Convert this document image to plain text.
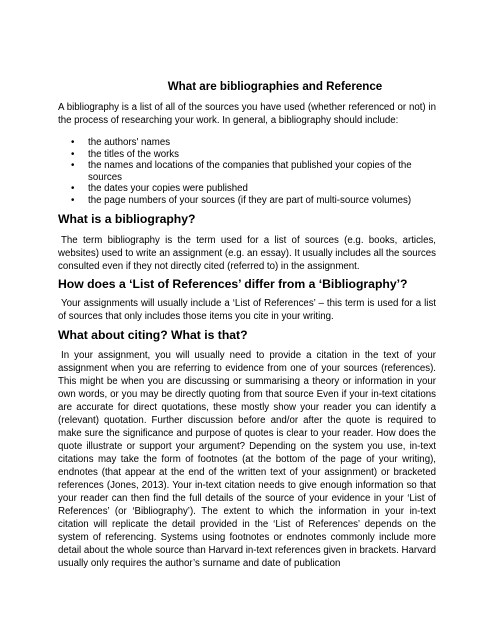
What are bibliographies and Reference

A bibliography is a list of all of the sources you have used (whether referenced or not) in the process of researching your work. In general, a bibliography should include:

• the authors' names
• the titles of the works
• the names and locations of the companies that published your copies of the sources
• the dates your copies were published
• the page numbers of your sources (if they are part of multi-source volumes)
What is a bibliography?

The term bibliography is the term used for a list of sources (e.g. books, articles, websites) used to write an assignment (e.g. an essay). It usually includes all the sources consulted even if they not directly cited (referred to) in the assignment.

How does a ‘List of References’ differ from a ‘Bibliography’?

Your assignments will usually include a ‘List of References’ – this term is used for a list of sources that only includes those items you cite in your writing.

What about citing? What is that?

In your assignment, you will usually need to provide a citation in the text of your assignment when you are referring to evidence from one of your sources (references). This might be when you are discussing or summarising a theory or information in your own words, or you may be directly quoting from that source Even if your in-text citations are accurate for direct quotations, these mostly show your reader you can identify a (relevant) quotation. Further discussion before and/or after the quote is required to make sure the significance and purpose of quotes is clear to your reader. How does the quote illustrate or support your argument? Depending on the system you use, in-text citations may take the form of footnotes (at the bottom of the page of your writing), endnotes (that appear at the end of the written text of your assignment) or bracketed references (Jones, 2013). Your in-text citation needs to give enough information so that your reader can then find the full details of the source of your evidence in your ‘List of References’ (or ‘Bibliography’). The extent to which the information in your in-text citation will replicate the detail provided in the ‘List of References’ depends on the system of referencing. Systems using footnotes or endnotes commonly include more detail about the whole source than Harvard in-text references given in brackets. Harvard usually only requires the author’s surname and date of publication
